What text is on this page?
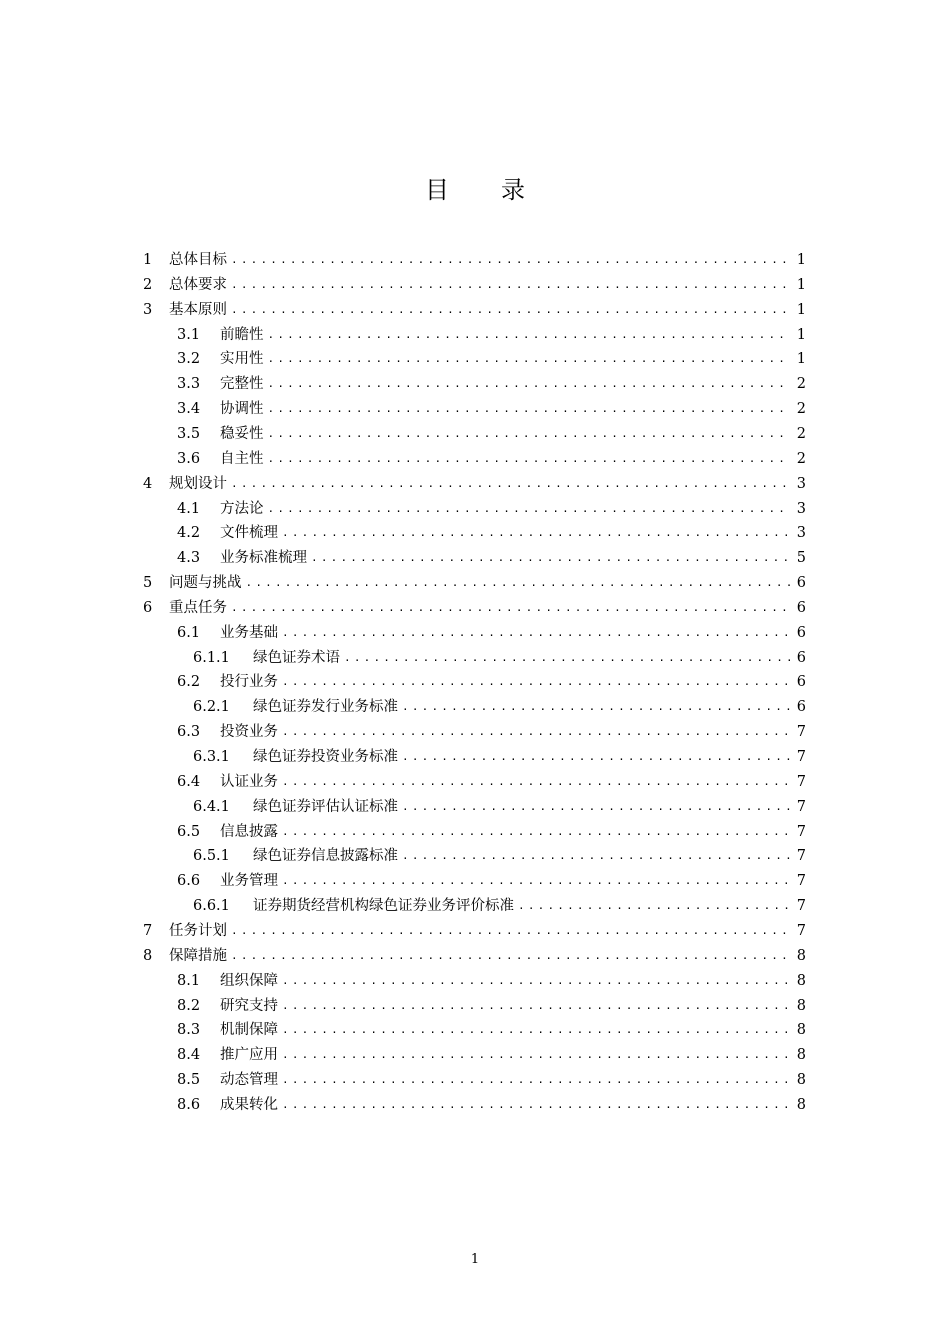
目 录
1	总体目标 .....	1
2	总体要求 .....	1
3	基本原则 .....	1
3.1	前瞻性 .....	1
3.2	实用性 .....	1
3.3	完整性 .....	2
3.4	协调性 .....	2
3.5	稳妥性 .....	2
3.6	自主性 .....	2
4	规划设计 .....	3
4.1	方法论 .....	3
4.2	文件梳理 .....	3
4.3	业务标准梳理 .....	5
5	问题与挑战 .....	6
6	重点任务 .....	6
6.1	业务基础 .....	6
6.1.1	绿色证券术语 .....	6
6.2	投行业务 .....	6
6.2.1	绿色证券发行业务标准 .....	6
6.3	投资业务 .....	7
6.3.1	绿色证券投资业务标准 .....	7
6.4	认证业务 .....	7
6.4.1	绿色证券评估认证标准 .....	7
6.5	信息披露 .....	7
6.5.1	绿色证券信息披露标准 .....	7
6.6	业务管理 .....	7
6.6.1	证券期货经营机构绿色证券业务评价标准 .....	7
7	任务计划 .....	7
8	保障措施 .....	8
8.1	组织保障 .....	8
8.2	研究支持 .....	8
8.3	机制保障 .....	8
8.4	推广应用 .....	8
8.5	动态管理 .....	8
8.6	成果转化 .....	8
1
